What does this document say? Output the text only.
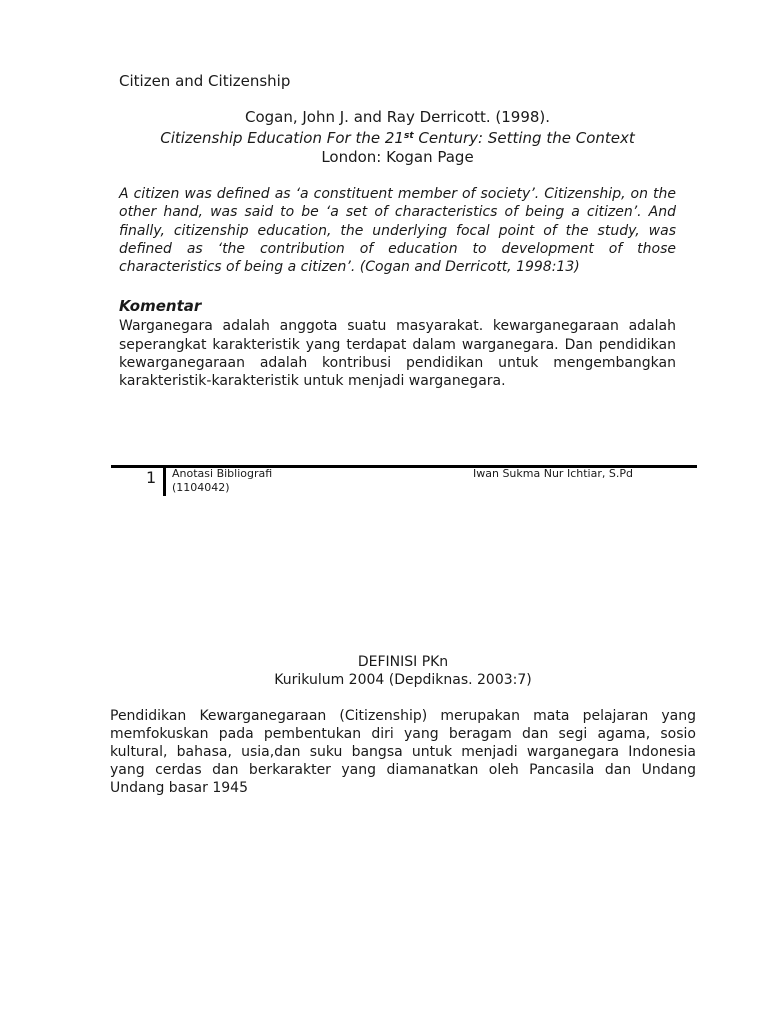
Citizen and Citizenship
Cogan, John J. and Ray Derricott. (1998).
Citizenship Education For the 21st Century: Setting the Context
London: Kogan Page

A citizen was defined as ‘a constituent member of society’. Citizenship, on the other hand, was said to be ‘a set of characteristics of being a citizen’. And finally, citizenship education, the underlying focal point of the study, was defined as ‘the contribution of education to development of those characteristics of being a citizen’. (Cogan and Derricott, 1998:13)

Komentar

Warganegara adalah anggota suatu masyarakat. kewarganegaraan adalah seperangkat karakteristik yang terdapat dalam warganegara. Dan pendidikan kewarganegaraan adalah kontribusi pendidikan untuk mengembangkan karakteristik-karakteristik untuk menjadi warganegara.

1 Anotasi Bibliografi
(1104042)
Iwan Sukma Nur Ichtiar, S.Pd
DEFINISI PKn
Kurikulum 2004 (Depdiknas. 2003:7)

Pendidikan Kewarganegaraan (Citizenship) merupakan mata pelajaran yang memfokuskan pada pembentukan diri yang beragam dan segi agama, sosio kultural, bahasa, usia,dan suku bangsa untuk menjadi warganegara Indonesia yang cerdas dan berkarakter yang diamanatkan oleh Pancasila dan Undang Undang basar 1945
